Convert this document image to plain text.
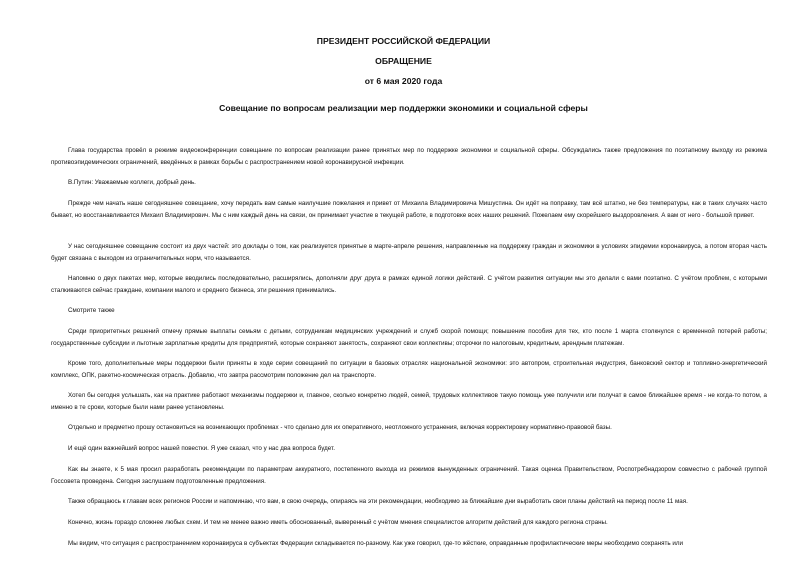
ПРЕЗИДЕНТ РОССИЙСКОЙ ФЕДЕРАЦИИ
ОБРАЩЕНИЕ
от 6 мая 2020 года
Совещание по вопросам реализации мер поддержки экономики и социальной сферы

Глава государства провёл в режиме видеоконференции совещание по вопросам реализации ранее принятых мер по поддержке экономики и социальной сферы. Обсуждались также предложения по поэтапному выходу из режима противоэпидемических ограничений, введённых в рамках борьбы с распространением новой коронавирусной инфекции.

В.Путин: Уважаемые коллеги, добрый день.

Прежде чем начать наше сегодняшнее совещание, хочу передать вам самые наилучшие пожелания и привет от Михаила Владимировича Мишустина. Он идёт на поправку, там всё штатно, не без температуры, как в таких случаях часто бывает, но восстанавливается Михаил Владимирович. Мы с ним каждый день на связи, он принимает участие в текущей работе, в подготовке всех наших решений. Пожелаем ему скорейшего выздоровления. А вам от него - большой привет.

У нас сегодняшнее совещание состоит из двух частей: это доклады о том, как реализуется принятые в марте-апреле решения, направленные на поддержку граждан и экономики в условиях эпидемии коронавируса, а потом вторая часть будет связана с выходом из ограничительных норм, что называется.

Напомню о двух пакетах мер, которые вводились последовательно, расширялись, дополняли друг друга в рамках единой логики действий. С учётом развития ситуации мы это делали с вами поэтапно. С учётом проблем, с которыми сталкиваются сейчас граждане, компании малого и среднего бизнеса, эти решения принимались.

Смотрите также

Среди приоритетных решений отмечу прямые выплаты семьям с детьми, сотрудникам медицинских учреждений и служб скорой помощи; повышение пособия для тех, кто после 1 марта столкнулся с временной потерей работы; государственные субсидии и льготные зарплатные кредиты для предприятий, которые сохраняют занятость, сохраняют свои коллективы; отсрочки по налоговым, кредитным, арендным платежам.

Кроме того, дополнительные меры поддержки были приняты в ходе серии совещаний по ситуации в базовых отраслях национальной экономики: это автопром, строительная индустрия, банковский сектор и топливно-энергетический комплекс, ОПК, ракетно-космическая отрасль. Добавлю, что завтра рассмотрим положение дел на транспорте.

Хотел бы сегодня услышать, как на практике работают механизмы поддержки и, главное, сколько конкретно людей, семей, трудовых коллективов такую помощь уже получили или получат в самое ближайшее время - не когда-то потом, а именно в те сроки, которые были нами ранее установлены.

Отдельно и предметно прошу остановиться на возникающих проблемах - что сделано для их оперативного, неотложного устранения, включая корректировку нормативно-правовой базы.

И ещё один важнейший вопрос нашей повестки. Я уже сказал, что у нас два вопроса будет.

Как вы знаете, к 5 мая просил разработать рекомендации по параметрам аккуратного, постепенного выхода из режимов вынужденных ограничений. Такая оценка Правительством, Роспотребнадзором совместно с рабочей группой Госсовета проведена. Сегодня заслушаем подготовленные предложения.

Также обращаюсь к главам всех регионов России и напоминаю, что вам, в свою очередь, опираясь на эти рекомендации, необходимо за ближайшие дни выработать свои планы действий на период после 11 мая.

Конечно, жизнь гораздо сложнее любых схем. И тем не менее важно иметь обоснованный, выверенный с учётом мнения специалистов алгоритм действий для каждого региона страны.

Мы видим, что ситуация с распространением коронавируса в субъектах Федерации складывается по-разному. Как уже говорил, где-то жёсткие, оправданные профилактические меры необходимо сохранять или
